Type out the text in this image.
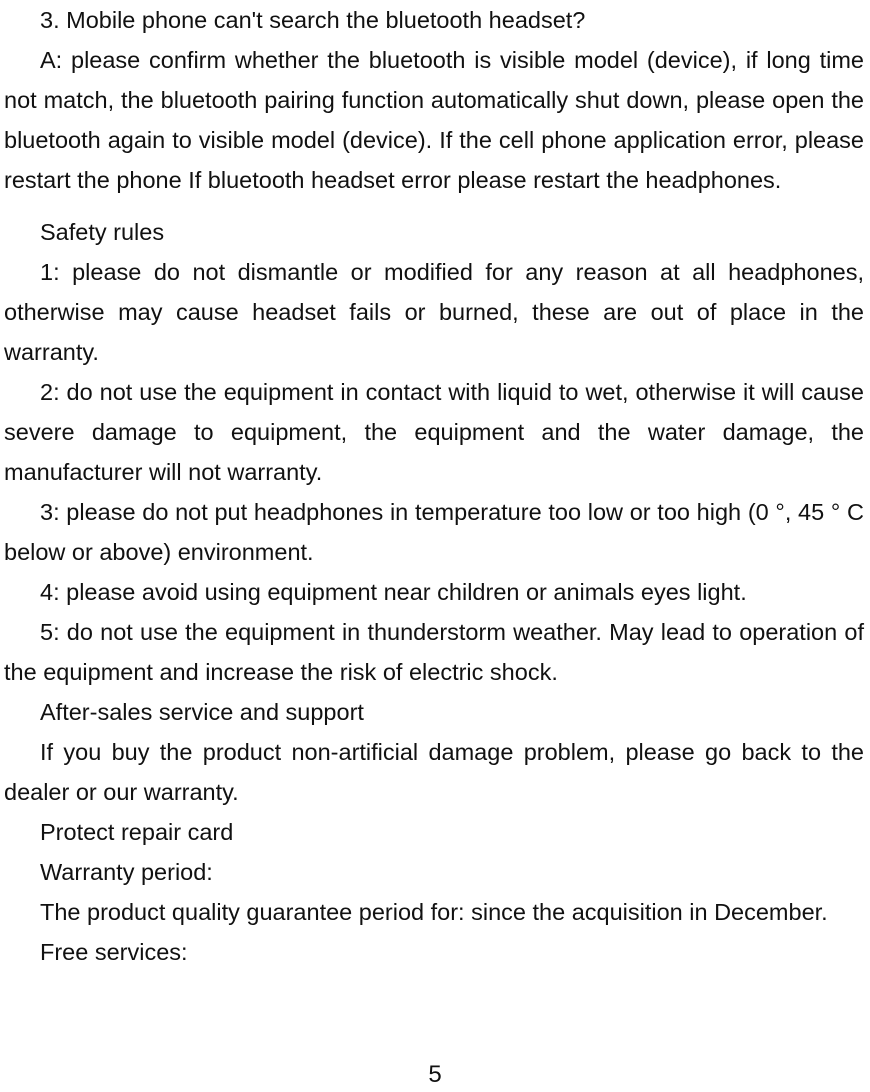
3. Mobile phone can't search the bluetooth headset?

A: please confirm whether the bluetooth is visible model (device), if long time not match, the bluetooth pairing function automatically shut down, please open the bluetooth again to visible model (device). If the cell phone application error, please restart the phone If bluetooth headset error please restart the headphones.

Safety rules

1: please do not dismantle or modified for any reason at all headphones, otherwise may cause headset fails or burned, these are out of place in the warranty.

2: do not use the equipment in contact with liquid to wet, otherwise it will cause severe damage to equipment, the equipment and the water damage, the manufacturer will not warranty.

3: please do not put headphones in temperature too low or too high (0 °, 45 ° C below or above) environment.

4: please avoid using equipment near children or animals eyes light.

5: do not use the equipment in thunderstorm weather. May lead to operation of the equipment and increase the risk of electric shock.

After-sales service and support

If you buy the product non-artificial damage problem, please go back to the dealer or our warranty.

Protect repair card

Warranty period:

The product quality guarantee period for: since the acquisition in December.

Free services:

5
